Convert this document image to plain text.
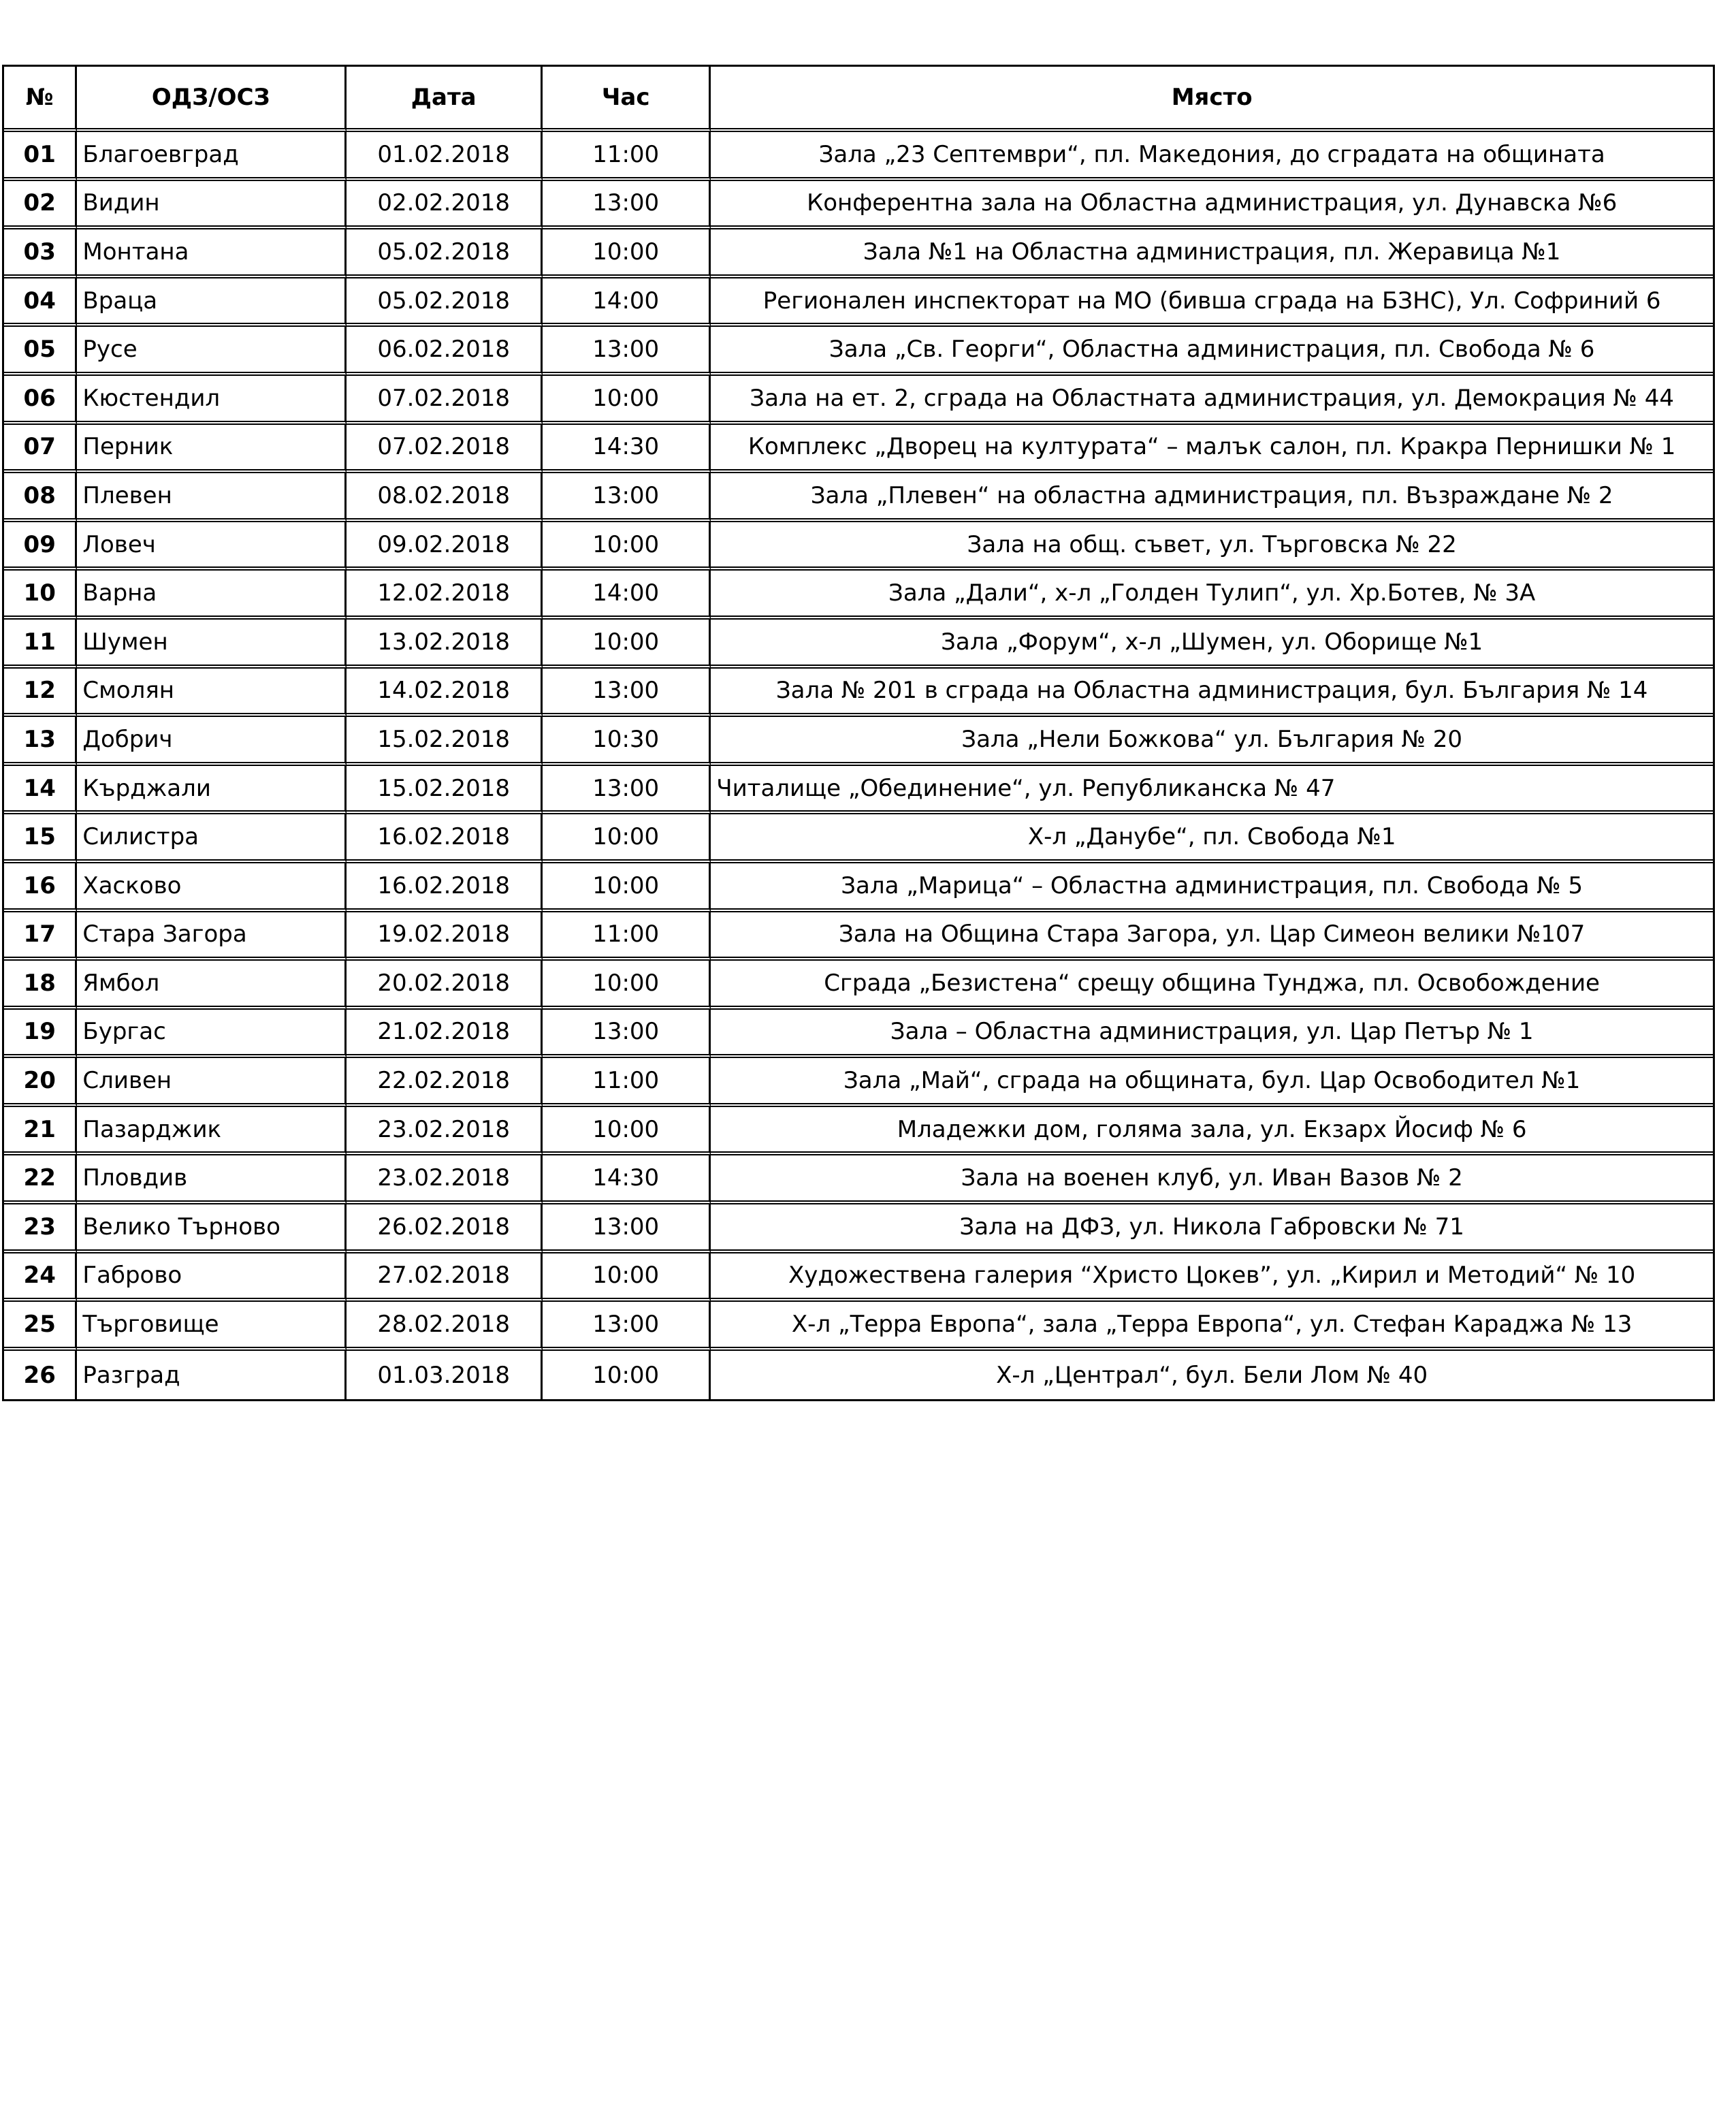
№	ОДЗ/ОСЗ	Дата	Час	Място
01	Благоевград	01.02.2018	11:00	Зала „23 Септември“, пл. Македония, до сградата на общината
02	Видин	02.02.2018	13:00	Конферентна зала на Областна администрация, ул. Дунавска №6
03	Монтана	05.02.2018	10:00	Зала №1 на Областна администрация, пл. Жеравица №1
04	Враца	05.02.2018	14:00	Регионален инспекторат на МО (бивша сграда на БЗНС), Ул. Софриний 6
05	Русе	06.02.2018	13:00	Зала „Св. Георги“, Областна администрация, пл. Свобода № 6
06	Кюстендил	07.02.2018	10:00	Зала на ет. 2, сграда на Областната администрация, ул. Демокрация № 44
07	Перник	07.02.2018	14:30	Комплекс „Дворец на културата“ – малък салон, пл. Кракра Пернишки № 1
08	Плевен	08.02.2018	13:00	Зала „Плевен“ на областна администрация, пл. Възраждане № 2
09	Ловеч	09.02.2018	10:00	Зала на общ. съвет, ул. Търговска № 22
10	Варна	12.02.2018	14:00	Зала „Дали“, х-л „Голден Тулип“, ул. Хр.Ботев, № 3А
11	Шумен	13.02.2018	10:00	Зала „Форум“, х-л „Шумен, ул. Оборище №1
12	Смолян	14.02.2018	13:00	Зала № 201 в сграда на Областна администрация, бул. България № 14
13	Добрич	15.02.2018	10:30	Зала „Нели Божкова“ ул. България № 20
14	Кърджали	15.02.2018	13:00	Читалище „Обединение“, ул. Републиканска № 47
15	Силистра	16.02.2018	10:00	Х-л „Данубе“, пл. Свобода №1
16	Хасково	16.02.2018	10:00	Зала „Марица“ – Областна администрация, пл. Свобода № 5
17	Стара Загора	19.02.2018	11:00	Зала на Община Стара Загора, ул. Цар Симеон велики №107
18	Ямбол	20.02.2018	10:00	Сграда „Безистена“ срещу община Тунджа, пл. Освобождение
19	Бургас	21.02.2018	13:00	Зала – Областна администрация, ул. Цар Петър № 1
20	Сливен	22.02.2018	11:00	Зала „Май“, сграда на общината, бул. Цар Освободител №1
21	Пазарджик	23.02.2018	10:00	Младежки дом, голяма зала, ул. Екзарх Йосиф № 6
22	Пловдив	23.02.2018	14:30	Зала на военен клуб, ул. Иван Вазов № 2
23	Велико Търново	26.02.2018	13:00	Зала на ДФЗ, ул. Никола Габровски № 71
24	Габрово	27.02.2018	10:00	Художествена галерия “Христо Цокев”, ул. „Кирил и Методий“ № 10
25	Търговище	28.02.2018	13:00	Х-л „Терра Европа“, зала „Терра Европа“, ул. Стефан Караджа № 13
26	Разград	01.03.2018	10:00	Х-л „Централ“, бул. Бели Лом № 40
